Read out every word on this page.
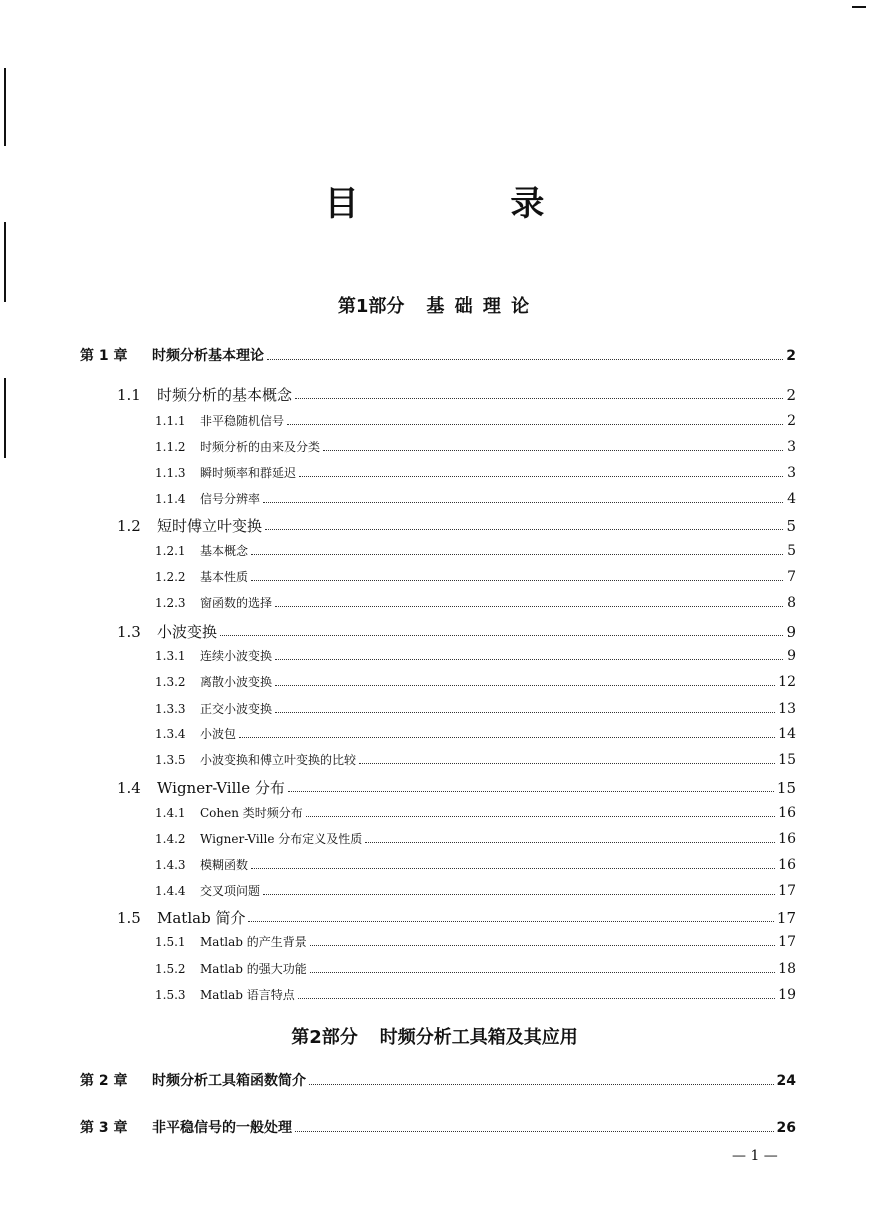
目 录
第1部分 基 础 理 论
第2部分 时频分析工具箱及其应用
第 1 章	时频分析基本理论	2
1.1	时频分析的基本概念	2
1.1.1	非平稳随机信号	2
1.1.2	时频分析的由来及分类	3
1.1.3	瞬时频率和群延迟	3
1.1.4	信号分辨率	4
1.2	短时傅立叶变换	5
1.2.1	基本概念	5
1.2.2	基本性质	7
1.2.3	窗函数的选择	8
1.3	小波变换	9
1.3.1	连续小波变换	9
1.3.2	离散小波变换	12
1.3.3	正交小波变换	13
1.3.4	小波包	14
1.3.5	小波变换和傅立叶变换的比较	15
1.4	Wigner-Ville 分布	15
1.4.1	Cohen 类时频分布	16
1.4.2	Wigner-Ville 分布定义及性质	16
1.4.3	模糊函数	16
1.4.4	交叉项问题	17
1.5	Matlab 简介	17
1.5.1	Matlab 的产生背景	17
1.5.2	Matlab 的强大功能	18
1.5.3	Matlab 语言特点	19
第 2 章	时频分析工具箱函数简介	24
第 3 章	非平稳信号的一般处理	26
— 1 —
